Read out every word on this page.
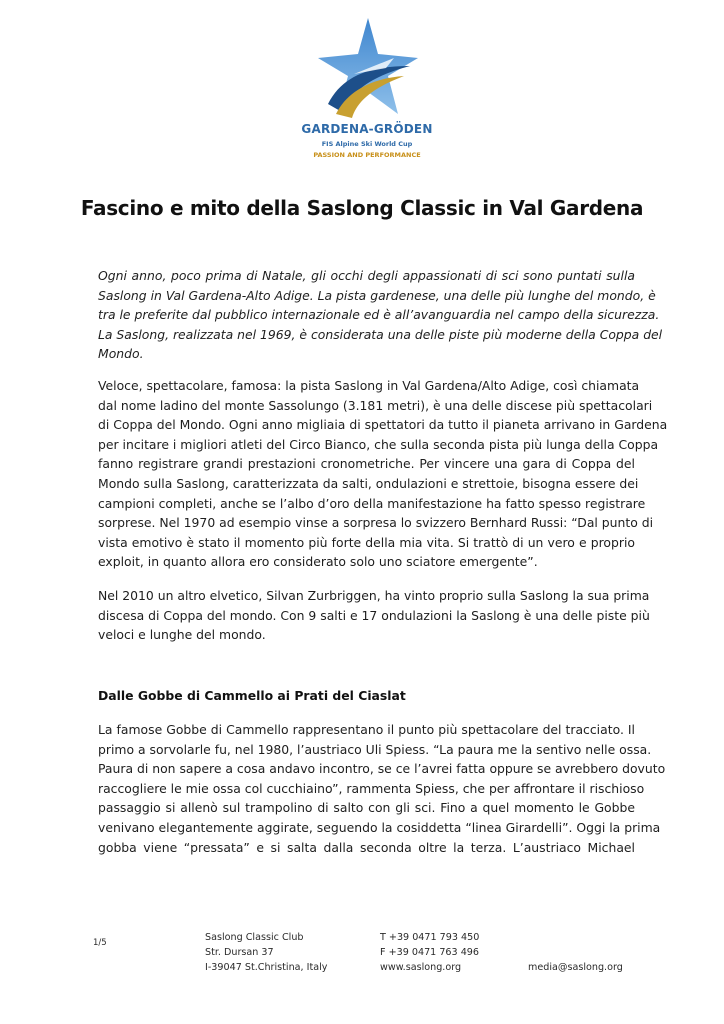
GARDENA-GRÖDEN
FIS Alpine Ski World Cup
PASSION AND PERFORMANCE
Fascino e mito della Saslong Classic in Val Gardena
Ogni anno, poco prima di Natale, gli occhi degli appassionati di sci sono puntati sulla
Saslong in Val Gardena-Alto Adige. La pista gardenese, una delle più lunghe del mondo, è
tra le preferite dal pubblico internazionale ed è all’avanguardia nel campo della sicurezza.
La Saslong, realizzata nel 1969, è considerata una delle piste più moderne della Coppa del
Mondo.
Veloce, spettacolare, famosa: la pista Saslong in Val Gardena/Alto Adige, così chiamata
dal nome ladino del monte Sassolungo (3.181 metri), è una delle discese più spettacolari
di Coppa del Mondo. Ogni anno migliaia di spettatori da tutto il pianeta arrivano in Gardena
per incitare i migliori atleti del Circo Bianco, che sulla seconda pista più lunga della Coppa
fanno registrare grandi prestazioni cronometriche. Per vincere una gara di Coppa del
Mondo sulla Saslong, caratterizzata da salti, ondulazioni e strettoie, bisogna essere dei
campioni completi, anche se l’albo d’oro della manifestazione ha fatto spesso registrare
sorprese. Nel 1970 ad esempio vinse a sorpresa lo svizzero Bernhard Russi: “Dal punto di
vista emotivo è stato il momento più forte della mia vita. Si trattò di un vero e proprio
exploit, in quanto allora ero considerato solo uno sciatore emergente”.
Nel 2010 un altro elvetico, Silvan Zurbriggen, ha vinto proprio sulla Saslong la sua prima
discesa di Coppa del mondo. Con 9 salti e 17 ondulazioni la Saslong è una delle piste più
veloci e lunghe del mondo.
Dalle Gobbe di Cammello ai Prati del Ciaslat
La famose Gobbe di Cammello rappresentano il punto più spettacolare del tracciato. Il
primo a sorvolarle fu, nel 1980, l’austriaco Uli Spiess. “La paura me la sentivo nelle ossa.
Paura di non sapere a cosa andavo incontro, se ce l’avrei fatta oppure se avrebbero dovuto
raccogliere le mie ossa col cucchiaino”, rammenta Spiess, che per affrontare il rischioso
passaggio si allenò sul trampolino di salto con gli sci. Fino a quel momento le Gobbe
venivano elegantemente aggirate, seguendo la cosiddetta “linea Girardelli”. Oggi la prima
gobba viene “pressata” e si salta dalla seconda oltre la terza. L’austriaco Michael
1/5	Saslong Classic Club
Str. Dursan 37
I-39047 St.Christina, Italy
T +39 0471 793 450
F +39 0471 763 496
www.saslong.org	media@saslong.org
